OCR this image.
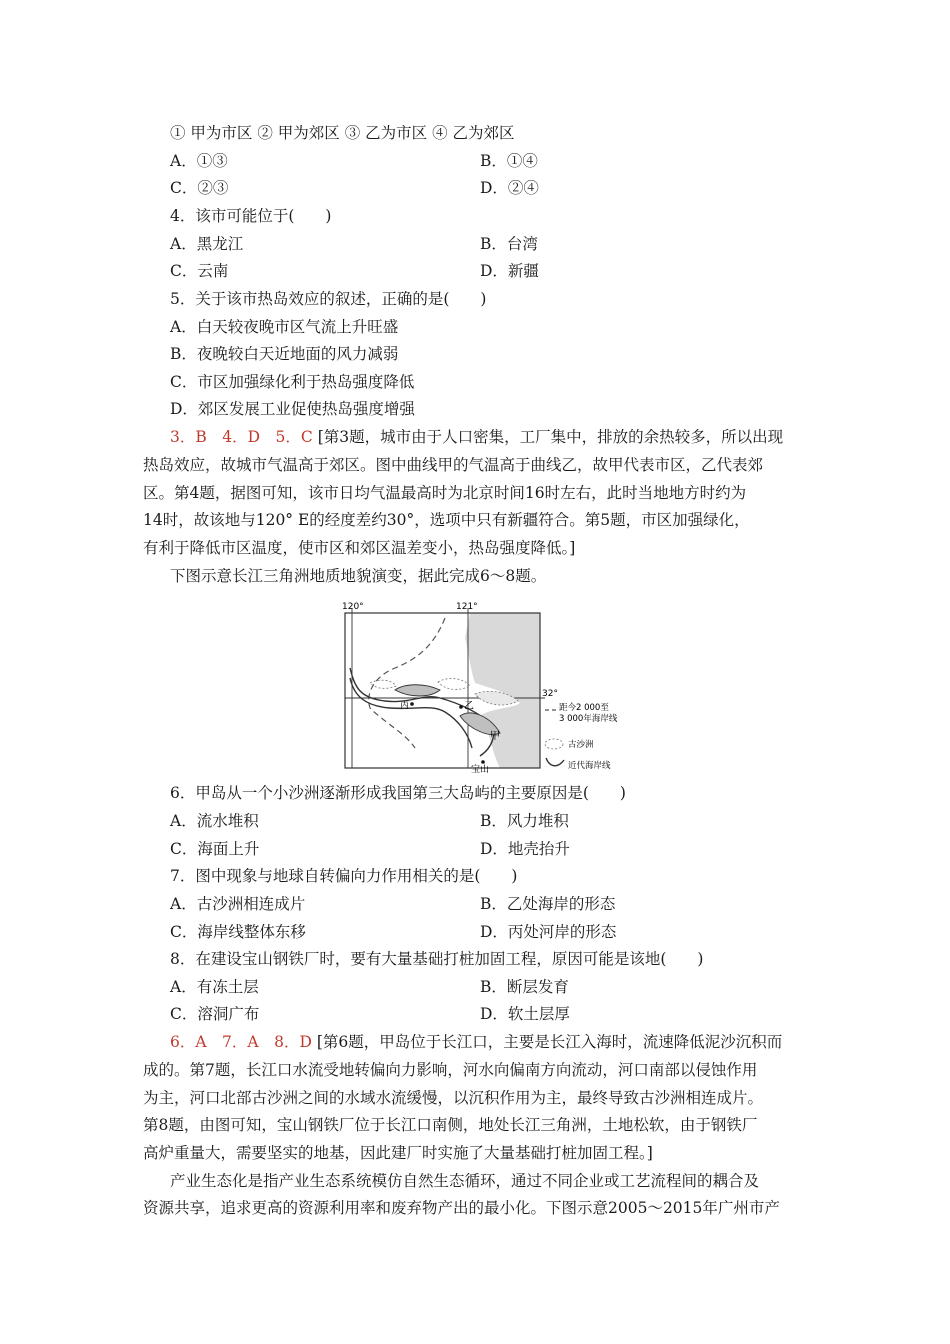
① 甲为市区 ② 甲为郊区 ③ 乙为市区 ④ 乙为郊区
A．①③	B．①④
C．②③	D．②④
4．该市可能位于(　　)
A．黑龙江	B．台湾
C．云南	D．新疆
5．关于该市热岛效应的叙述，正确的是(　　)
A．白天较夜晚市区气流上升旺盛
B．夜晚较白天近地面的风力减弱
C．市区加强绿化利于热岛强度降低
D．郊区发展工业促使热岛强度增强
3．B　4．D　5．C [第3题，城市由于人口密集，工厂集中，排放的余热较多，所以出现
热岛效应，故城市气温高于郊区。图中曲线甲的气温高于曲线乙，故甲代表市区，乙代表郊
区。第4题，据图可知，该市日均气温最高时为北京时间16时左右，此时当地地方时约为
14时，故该地与120° E的经度差约30°，选项中只有新疆符合。第5题，市区加强绿化，
有利于降低市区温度，使市区和郊区温差变小，热岛强度降低。]
下图示意长江三角洲地质地貌演变，据此完成6～8题。
120°	121°
32°
丙	乙
甲
宝山
距今2 000至
3 000年海岸线
古沙洲
近代海岸线
6．甲岛从一个小沙洲逐渐形成我国第三大岛屿的主要原因是(　　)
A．流水堆积	B．风力堆积
C．海面上升	D．地壳抬升
7．图中现象与地球自转偏向力作用相关的是(　　)
A．古沙洲相连成片	B．乙处海岸的形态
C．海岸线整体东移	D．丙处河岸的形态
8．在建设宝山钢铁厂时，要有大量基础打桩加固工程，原因可能是该地(　　)
A．有冻土层	B．断层发育
C．溶洞广布	D．软土层厚
6．A　7．A　8．D [第6题，甲岛位于长江口，主要是长江入海时，流速降低泥沙沉积而
成的。第7题，长江口水流受地转偏向力影响，河水向偏南方向流动，河口南部以侵蚀作用
为主，河口北部古沙洲之间的水域水流缓慢，以沉积作用为主，最终导致古沙洲相连成片。
第8题，由图可知，宝山钢铁厂位于长江口南侧，地处长江三角洲，土地松软，由于钢铁厂
高炉重量大，需要坚实的地基，因此建厂时实施了大量基础打桩加固工程。]
产业生态化是指产业生态系统模仿自然生态循环，通过不同企业或工艺流程间的耦合及
资源共享，追求更高的资源利用率和废弃物产出的最小化。下图示意2005～2015年广州市产
